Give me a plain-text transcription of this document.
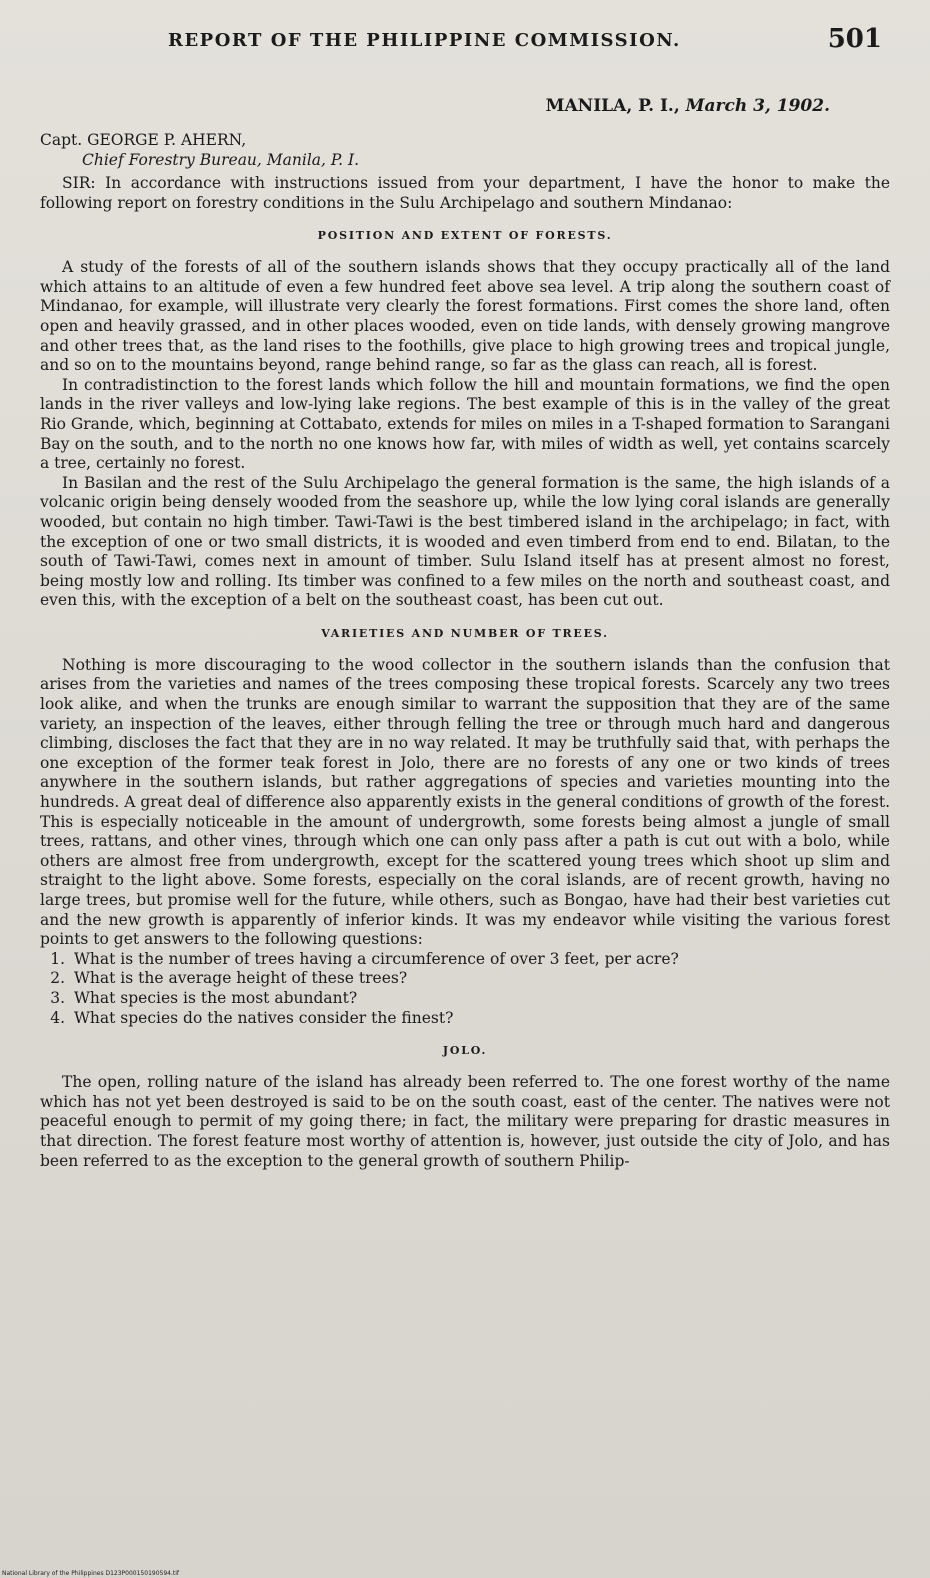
REPORT OF THE PHILIPPINE COMMISSION.	501
MANILA, P. I., March 3, 1902.
Capt. GEORGE P. AHERN,
Chief Forestry Bureau, Manila, P. I.

SIR: In accordance with instructions issued from your department, I have the honor to make the following report on forestry conditions in the Sulu Archipelago and southern Mindanao:

POSITION AND EXTENT OF FORESTS.

A study of the forests of all of the southern islands shows that they occupy practically all of the land which attains to an altitude of even a few hundred feet above sea level. A trip along the southern coast of Mindanao, for example, will illustrate very clearly the forest formations. First comes the shore land, often open and heavily grassed, and in other places wooded, even on tide lands, with densely growing mangrove and other trees that, as the land rises to the foothills, give place to high growing trees and tropical jungle, and so on to the mountains beyond, range behind range, so far as the glass can reach, all is forest.

In contradistinction to the forest lands which follow the hill and mountain formations, we find the open lands in the river valleys and low-lying lake regions. The best example of this is in the valley of the great Rio Grande, which, beginning at Cottabato, extends for miles on miles in a T-shaped formation to Sarangani Bay on the south, and to the north no one knows how far, with miles of width as well, yet contains scarcely a tree, certainly no forest.

In Basilan and the rest of the Sulu Archipelago the general formation is the same, the high islands of a volcanic origin being densely wooded from the seashore up, while the low lying coral islands are generally wooded, but contain no high timber. Tawi-Tawi is the best timbered island in the archipelago; in fact, with the exception of one or two small districts, it is wooded and even timberd from end to end. Bilatan, to the south of Tawi-Tawi, comes next in amount of timber. Sulu Island itself has at present almost no forest, being mostly low and rolling. Its timber was confined to a few miles on the north and southeast coast, and even this, with the exception of a belt on the southeast coast, has been cut out.

VARIETIES AND NUMBER OF TREES.

Nothing is more discouraging to the wood collector in the southern islands than the confusion that arises from the varieties and names of the trees composing these tropical forests. Scarcely any two trees look alike, and when the trunks are enough similar to warrant the supposition that they are of the same variety, an inspection of the leaves, either through felling the tree or through much hard and dangerous climbing, discloses the fact that they are in no way related. It may be truthfully said that, with perhaps the one exception of the former teak forest in Jolo, there are no forests of any one or two kinds of trees anywhere in the southern islands, but rather aggregations of species and varieties mounting into the hundreds. A great deal of difference also apparently exists in the general conditions of growth of the forest. This is especially noticeable in the amount of undergrowth, some forests being almost a jungle of small trees, rattans, and other vines, through which one can only pass after a path is cut out with a bolo, while others are almost free from undergrowth, except for the scattered young trees which shoot up slim and straight to the light above. Some forests, especially on the coral islands, are of recent growth, having no large trees, but promise well for the future, while others, such as Bongao, have had their best varieties cut and the new growth is apparently of inferior kinds. It was my endeavor while visiting the various forest points to get answers to the following questions:

1. What is the number of trees having a circumference of over 3 feet, per acre?
2. What is the average height of these trees?
3. What species is the most abundant?
4. What species do the natives consider the finest?
JOLO.

The open, rolling nature of the island has already been referred to. The one forest worthy of the name which has not yet been destroyed is said to be on the south coast, east of the center. The natives were not peaceful enough to permit of my going there; in fact, the military were preparing for drastic measures in that direction. The forest feature most worthy of attention is, however, just outside the city of Jolo, and has been referred to as the exception to the general growth of southern Philip-

National Library of the Philippines D123P000150190594.tif
